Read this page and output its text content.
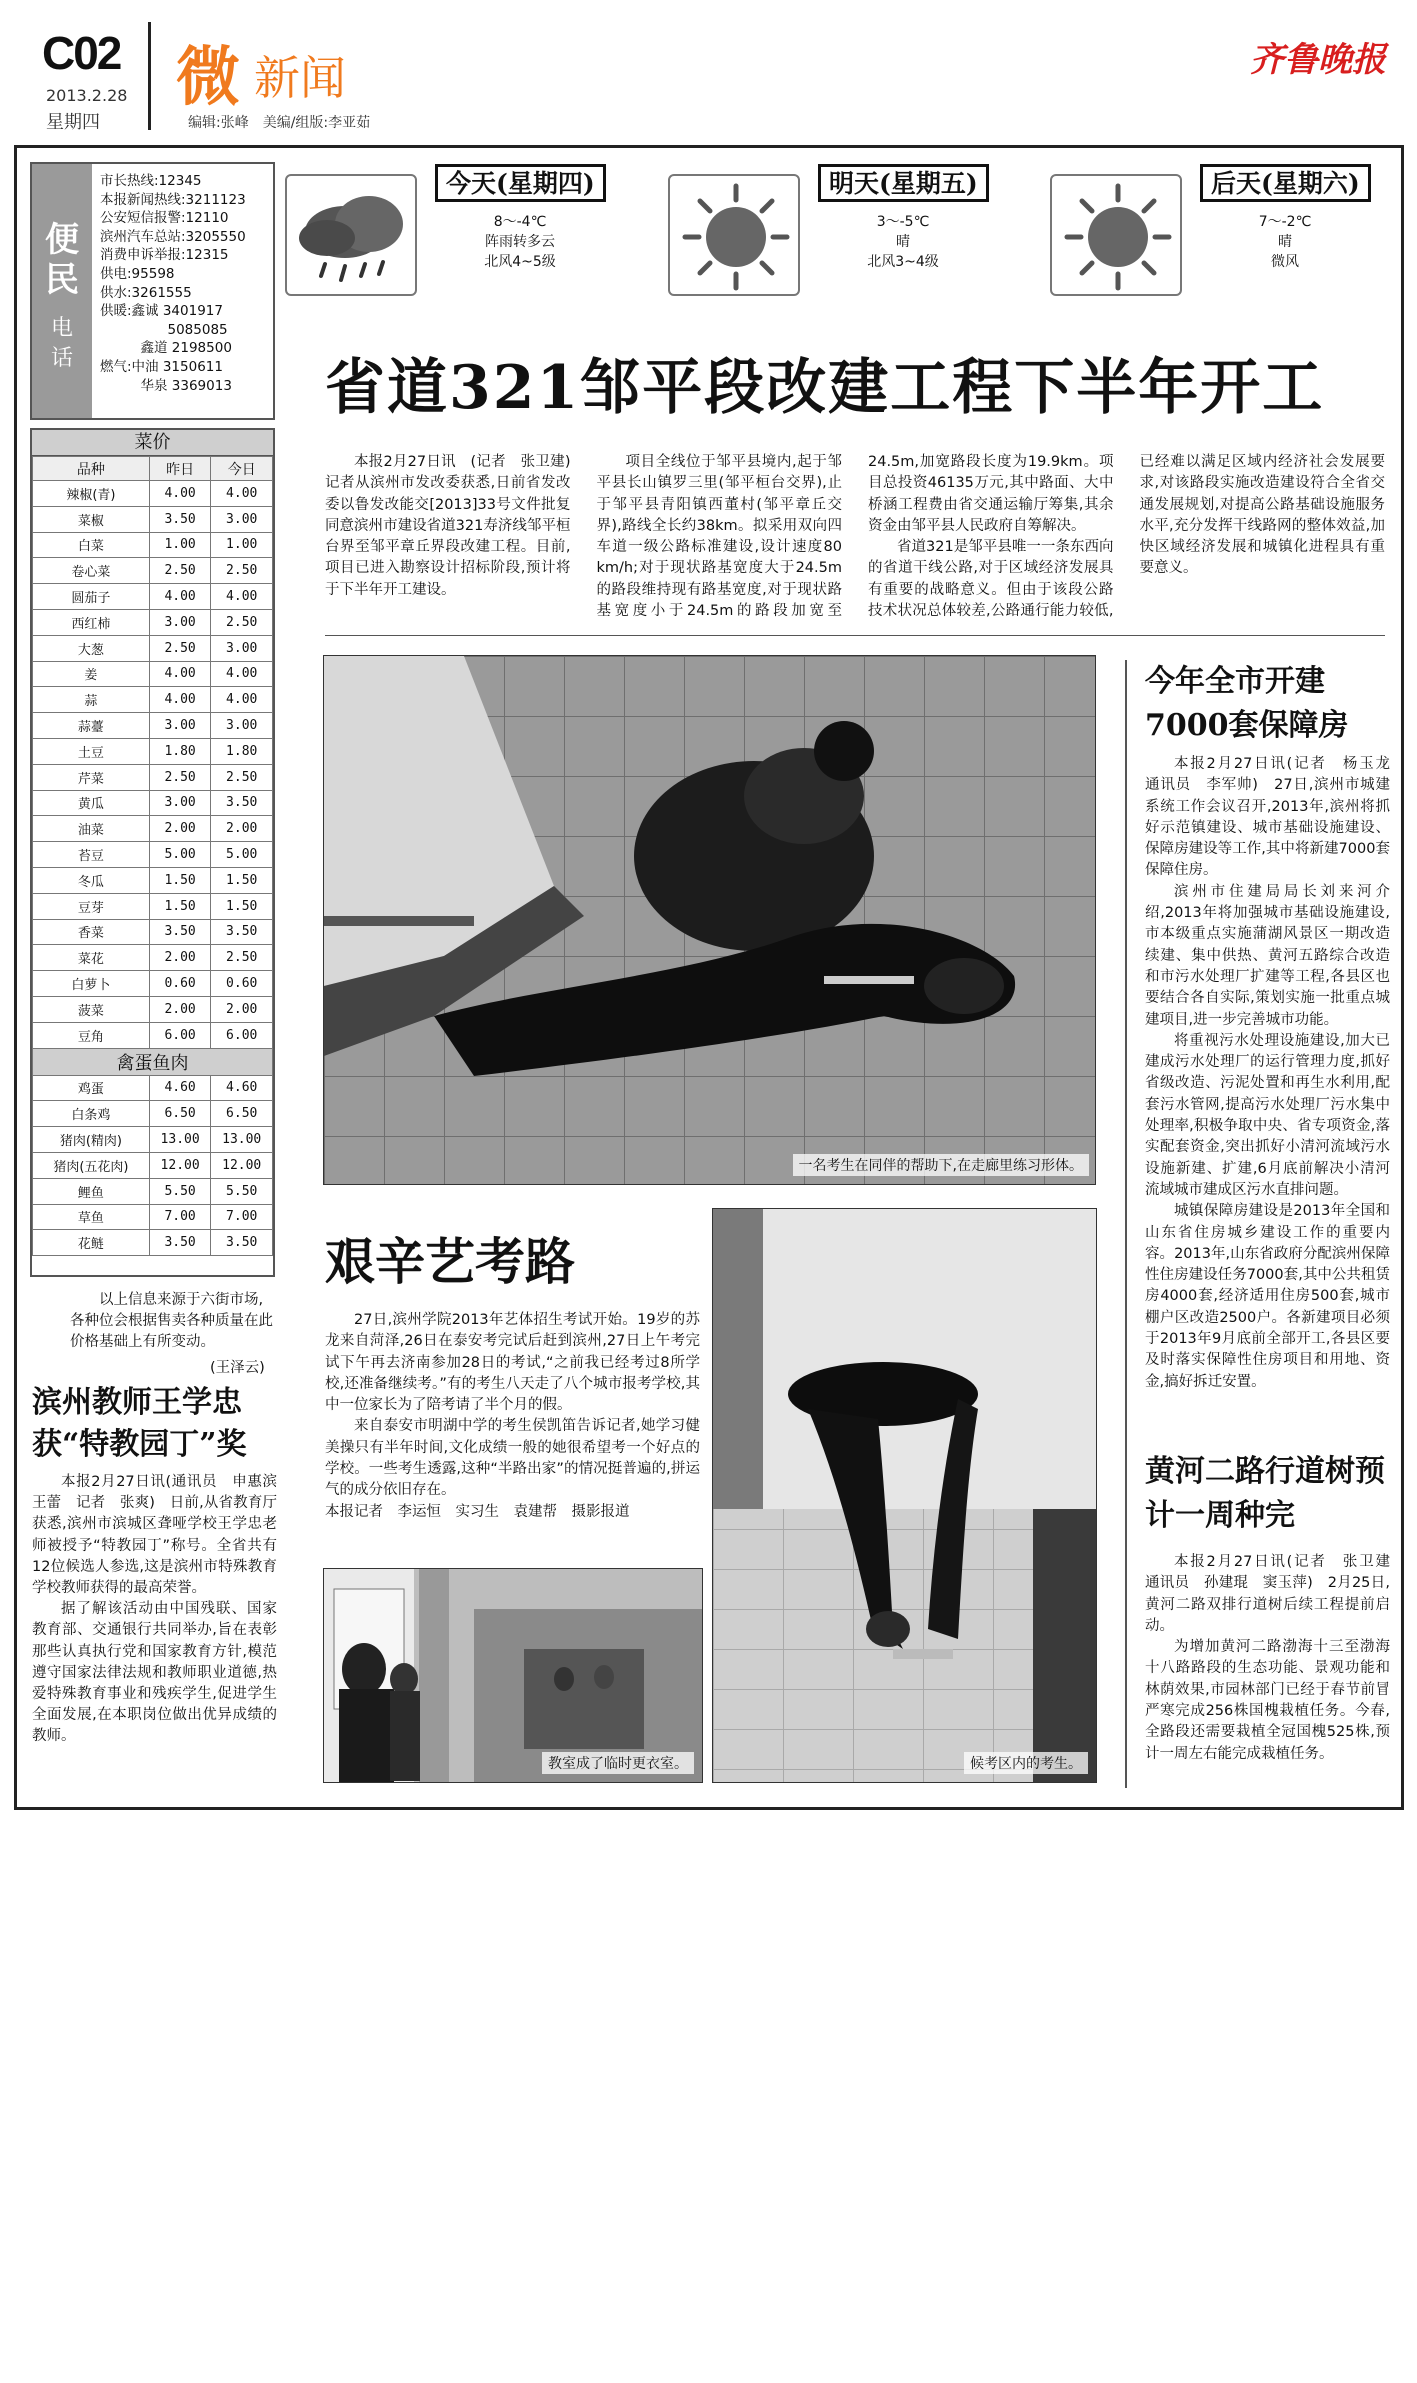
C02
2013.2.28
星期四
微 新闻
编辑:张峰　美编/组版:李亚茹
齐鲁晚报
便民
电话
市长热线:12345
本报新闻热线:3211123
公安短信报警:12110
滨州汽车总站:3205550
消费申诉举报:12315
供电:95598
供水:3261555
供暖:鑫诚 3401917
　　　　　5085085
　　　鑫道 2198500
燃气:中油 3150611
　　　华泉 3369013
菜价
品种	昨日	今日
辣椒(青)	4.00	4.00
菜椒	3.50	3.00
白菜	1.00	1.00
卷心菜	2.50	2.50
圆茄子	4.00	4.00
西红柿	3.00	2.50
大葱	2.50	3.00
姜	4.00	4.00
蒜	4.00	4.00
蒜薹	3.00	3.00
土豆	1.80	1.80
芹菜	2.50	2.50
黄瓜	3.00	3.50
油菜	2.00	2.00
苔豆	5.00	5.00
冬瓜	1.50	1.50
豆芽	1.50	1.50
香菜	3.50	3.50
菜花	2.00	2.50
白萝卜	0.60	0.60
菠菜	2.00	2.00
豆角	6.00	6.00
禽蛋鱼肉		
鸡蛋	4.60	4.60
白条鸡	6.50	6.50
猪肉(精肉)	13.00	13.00
猪肉(五花肉)	12.00	12.00
鲤鱼	5.50	5.50
草鱼	7.00	7.00
花鲢	3.50	3.50
以上信息来源于六街市场,各种位会根据售卖各种质量在此价格基础上有所变动。
(王泽云)
滨州教师王学忠获“特教园丁”奖

本报2月27日讯(通讯员　申惠滨　王蕾　记者　张爽)　日前,从省教育厅获悉,滨州市滨城区聋哑学校王学忠老师被授予“特教园丁”称号。全省共有12位候选人参选,这是滨州市特殊教育学校教师获得的最高荣誉。

据了解该活动由中国残联、国家教育部、交通银行共同举办,旨在表彰那些认真执行党和国家教育方针,模范遵守国家法律法规和教师职业道德,热爱特殊教育事业和残疾学生,促进学生全面发展,在本职岗位做出优异成绩的教师。

今天(星期四)
8～-4℃
阵雨转多云
北风4~5级
明天(星期五)
3～-5℃
晴
北风3~4级
后天(星期六)
7～-2℃
晴
微风
省道321邹平段改建工程下半年开工

本报2月27日讯　(记者　张卫建)　记者从滨州市发改委获悉,日前省发改委以鲁发改能交[2013]33号文件批复同意滨州市建设省道321寿济线邹平桓台界至邹平章丘界段改建工程。目前,项目已进入勘察设计招标阶段,预计将于下半年开工建设。

项目全线位于邹平县境内,起于邹平县长山镇罗三里(邹平桓台交界),止于邹平县青阳镇西董村(邹平章丘交界),路线全长约38km。拟采用双向四车道一级公路标准建设,设计速度80 km/h;对于现状路基宽度大于24.5m的路段维持现有路基宽度,对于现状路基宽度小于24.5m的路段加宽至24.5m,加宽路段长度为19.9km。项目总投资46135万元,其中路面、大中桥涵工程费由省交通运输厅筹集,其余资金由邹平县人民政府自筹解决。

省道321是邹平县唯一一条东西向的省道干线公路,对于区域经济发展具有重要的战略意义。但由于该段公路技术状况总体较差,公路通行能力较低,已经难以满足区域内经济社会发展要求,对该路段实施改造建设符合全省交通发展规划,对提高公路基础设施服务水平,充分发挥干线路网的整体效益,加快区域经济发展和城镇化进程具有重要意义。

一名考生在同伴的帮助下,在走廊里练习形体。
艰辛艺考路

27日,滨州学院2013年艺体招生考试开始。19岁的苏龙来自菏泽,26日在泰安考完试后赶到滨州,27日上午考完试下午再去济南参加28日的考试,“之前我已经考过8所学校,还准备继续考。”有的考生八天走了八个城市报考学校,其中一位家长为了陪考请了半个月的假。

来自泰安市明湖中学的考生侯凯笛告诉记者,她学习健美操只有半年时间,文化成绩一般的她很希望考一个好点的学校。一些考生透露,这种“半路出家”的情况挺普遍的,拼运气的成分依旧存在。

本报记者　李运恒　实习生　袁建帮　摄影报道
教室成了临时更衣室。	候考区内的考生。
今年全市开建7000套保障房

本报2月27日讯(记者　杨玉龙　通讯员　李军帅)　27日,滨州市城建系统工作会议召开,2013年,滨州将抓好示范镇建设、城市基础设施建设、保障房建设等工作,其中将新建7000套保障住房。

滨州市住建局局长刘来河介绍,2013年将加强城市基础设施建设,市本级重点实施蒲湖风景区一期改造续建、集中供热、黄河五路综合改造和市污水处理厂扩建等工程,各县区也要结合各自实际,策划实施一批重点城建项目,进一步完善城市功能。

将重视污水处理设施建设,加大已建成污水处理厂的运行管理力度,抓好省级改造、污泥处置和再生水利用,配套污水管网,提高污水处理厂污水集中处理率,积极争取中央、省专项资金,落实配套资金,突出抓好小清河流域污水设施新建、扩建,6月底前解决小清河流域城市建成区污水直排问题。

城镇保障房建设是2013年全国和山东省住房城乡建设工作的重要内容。2013年,山东省政府分配滨州保障性住房建设任务7000套,其中公共租赁房4000套,经济适用住房500套,城市棚户区改造2500户。各新建项目必须于2013年9月底前全部开工,各县区要及时落实保障性住房项目和用地、资金,搞好拆迁安置。

黄河二路行道树预计一周种完

本报2月27日讯(记者　张卫建　通讯员　孙建琨　窦玉萍)　2月25日,黄河二路双排行道树后续工程提前启动。

为增加黄河二路渤海十三至渤海十八路路段的生态功能、景观功能和林荫效果,市园林部门已经于春节前冒严寒完成256株国槐栽植任务。今春,全路段还需要栽植全冠国槐525株,预计一周左右能完成栽植任务。
